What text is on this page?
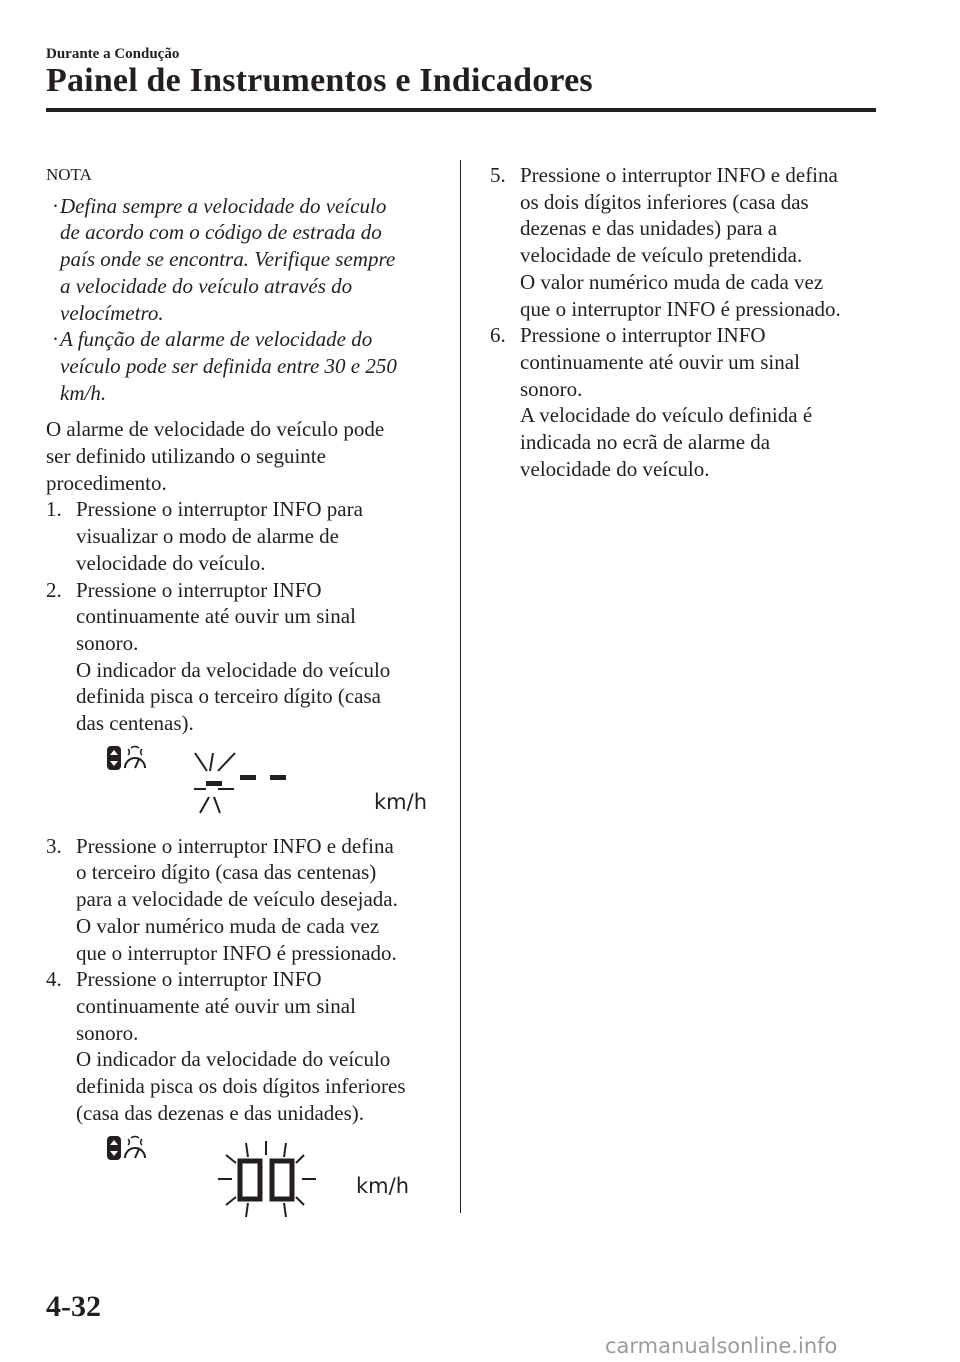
Durante a Condução
Painel de Instrumentos e Indicadores
NOTA
· Defina sempre a velocidade do veículo
de acordo com o código de estrada do
país onde se encontra. Verifique sempre
a velocidade do veículo através do
velocímetro.
· A função de alarme de velocidade do
veículo pode ser definida entre 30 e 250
km/h.
O alarme de velocidade do veículo pode
ser definido utilizando o seguinte
procedimento.
1. Pressione o interruptor INFO para
visualizar o modo de alarme de
velocidade do veículo.
2. Pressione o interruptor INFO
continuamente até ouvir um sinal
sonoro.
O indicador da velocidade do veículo
definida pisca o terceiro dígito (casa
das centenas).
km/h
3. Pressione o interruptor INFO e defina
o terceiro dígito (casa das centenas)
para a velocidade de veículo desejada.
O valor numérico muda de cada vez
que o interruptor INFO é pressionado.
4. Pressione o interruptor INFO
continuamente até ouvir um sinal
sonoro.
O indicador da velocidade do veículo
definida pisca os dois dígitos inferiores
(casa das dezenas e das unidades).
km/h
5. Pressione o interruptor INFO e defina
os dois dígitos inferiores (casa das
dezenas e das unidades) para a
velocidade de veículo pretendida.
O valor numérico muda de cada vez
que o interruptor INFO é pressionado.
6. Pressione o interruptor INFO
continuamente até ouvir um sinal
sonoro.
A velocidade do veículo definida é
indicada no ecrã de alarme da
velocidade do veículo.
4-32
carmanualsonline.info
